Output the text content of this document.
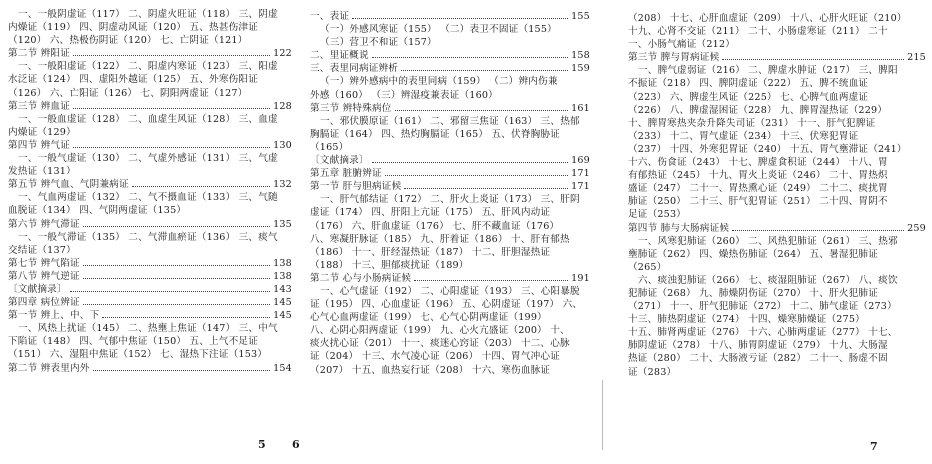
一、一般阴虚证（117） 二、阴虚火旺证（118） 三、阴虚
内燥证（119） 四、阴虚动风证（120） 五、热甚伤津证
（120） 六、热极伤阴证（120） 七、亡阴证（121）
第二节 辨阳证	122
一、一般阳虚证（122） 二、阳虚内寒证（123） 三、阳虚
水泛证（124） 四、虚阳外越证（125） 五、外寒伤阳证
（126） 六、亡阳证（126） 七、阴阳两虚证（127）
第三节 辨血证	128
一、一般血虚证（128） 二、血虚生风证（128） 三、血虚
内燥证（129）
第四节 辨气证	130
一、一般气虚证（130） 二、气虚外感证（131） 三、气虚
发热证（131）
第五节 辨气血、气阴兼病证	132
一、气血两虚证（132） 二、气不摄血证（133） 三、气随
血脱证（134） 四、气阴两虚证（135）
第六节 辨气滞证	135
一、一般气滞证（135） 二、气滞血瘀证（136） 三、痰气
交结证（137）
第七节 辨气陷证	138
第八节 辨气逆证	138
〔文献摘录〕	143
第四章 病位辨证	145
第一节 辨上、中、下	145
一、风热上扰证（145） 二、热壅上焦证（147） 三、中气
下陷证（148） 四、气郁中焦证（150） 五、上气不足证
（151） 六、湿阻中焦证（152） 七、湿热下注证（153）
第二节 辨表里内外	154
5
一、表证	155
（一）外感风寒证（155） （二）表卫不固证（155）
（三）营卫不和证（157）
二、里证概说	158
三、表里同病证辨析	159
（一）辨外感病中的表里同病（159） （二）辨内伤兼
外感（160） （三）辨湿疫兼表证（160）
第三节 辨特殊病位	161
一、邪伏膜原证（161） 二、邪留三焦证（163） 三、热郁
胸膈证（164） 四、热灼胸膈证（165） 五、伏脊胸胁证
（165）
〔文献摘录〕	169
第五章 脏腑辨证	171
第一节 肝与胆病证候	171
一、肝气郁结证（172） 二、肝火上炎证（173） 三、肝阴
虚证（174） 四、肝阳上亢证（175） 五、肝风内动证
（176） 六、肝血虚证（176） 七、肝不藏血证（176）
八、寒凝肝脉证（185） 九、肝着证（186） 十、肝有郁热
（186） 十一、肝经湿热证（187） 十二、肝胆湿热证
（188） 十三、胆郁痰扰证（189）
第二节 心与小肠病证候	191
一、心气虚证（192） 二、心阳虚证（193） 三、心阳暴脱
证（195） 四、心血虚证（196） 五、心阴虚证（197） 六、
心气心血两虚证（199） 七、心气心阴两虚证（199）
八、心阴心阳两虚证（199） 九、心火亢盛证（200） 十、
痰火扰心证（201） 十一、痰迷心窍证（203） 十二、心脉
证（204） 十三、水气凌心证（206） 十四、胃气冲心证
（207） 十五、血热妄行证（208） 十六、寒伤血脉证
6
（208） 十七、心肝血虚证（209） 十八、心肝火旺证（210）
十九、心肾不交证（211） 二十、小肠虚寒证（211） 二十
一、小肠气痛证（212）
第三节 脾与胃病证候	215
一、脾气虚弱证（216） 二、脾虚水肿证（217） 三、脾阳
不振证（218） 四、脾阴虚证（222） 五、脾不统血证
（223） 六、脾虚生风证（225） 七、心脾气血两虚证
（226） 八、脾虚湿困证（228） 九、脾胃湿热证（229）
十、脾胃寒热夹杂升降失司证（231） 十一、肝气犯脾证
（233） 十二、胃气虚证（234） 十三、伏寒犯胃证
（237） 十四、外寒犯胃证（240） 十五、胃气壅滞证（241）
十六、伤食证（243） 十七、脾虚食积证（244） 十八、胃
有郁热证（245） 十九、胃火上炎证（246） 二十、胃热炽
盛证（247） 二十一、胃热熏心证（249） 二十二、痰扰胃
肺证（250） 二十三、肝气犯胃证（251） 二十四、胃阴不
足证（253）
第四节 肺与大肠病证候	259
一、风寒犯肺证（260） 二、风热犯肺证（261） 三、热邪
壅肺证（262） 四、燥热伤肺证（264） 五、暑湿犯肺证
（265）
六、痰浊犯肺证（266） 七、痰湿阻肺证（267） 八、痰饮
犯肺证（268） 九、肺燥阴伤证（270） 十、肝火犯肺证
（271） 十一、肝气犯肺证（272） 十二、肺气虚证（273）
十三、肺热阴虚证（274） 十四、燥寒肺燥证（275）
十五、肺肾两虚证（276） 十六、心肺两虚证（277） 十七、
肺阴虚证（278） 十八、肺胃阴虚证（279） 十九、大肠湿
热证（280） 二十、大肠液亏证（282） 二十一、肠虚不固
证（283）
7
